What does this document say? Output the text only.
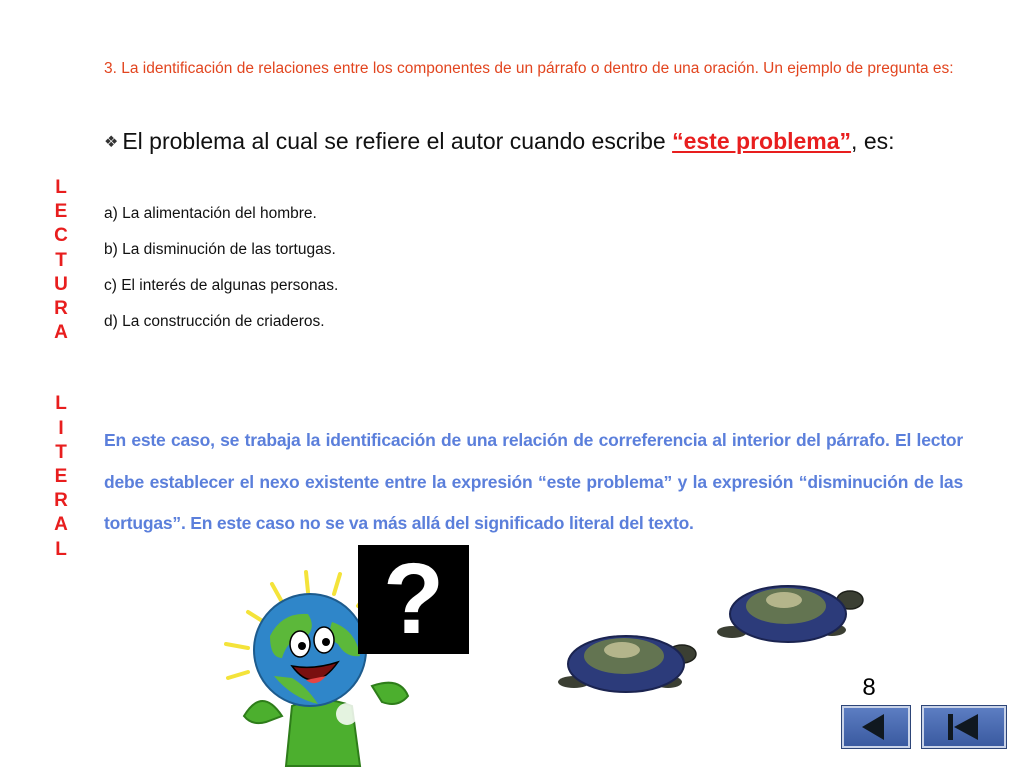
L
E
C
T
U
R
A
L
I
T
E
R
A
L

3. La identificación de relaciones entre los componentes de un párrafo o dentro de una oración. Un ejemplo de pregunta es:

❖ El problema al cual se refiere el autor cuando escribe “este problema”, es:

a) La alimentación del hombre.
b) La disminución de las tortugas.
c) El interés de algunas personas.
d) La construcción de criaderos.

En este caso, se trabaja la identificación de una relación de correferencia al interior del párrafo. El lector debe establecer el nexo existente entre la expresión “este problema” y la expresión “disminución de las tortugas”. En este caso no se va más allá del significado literal del texto.

?
8
